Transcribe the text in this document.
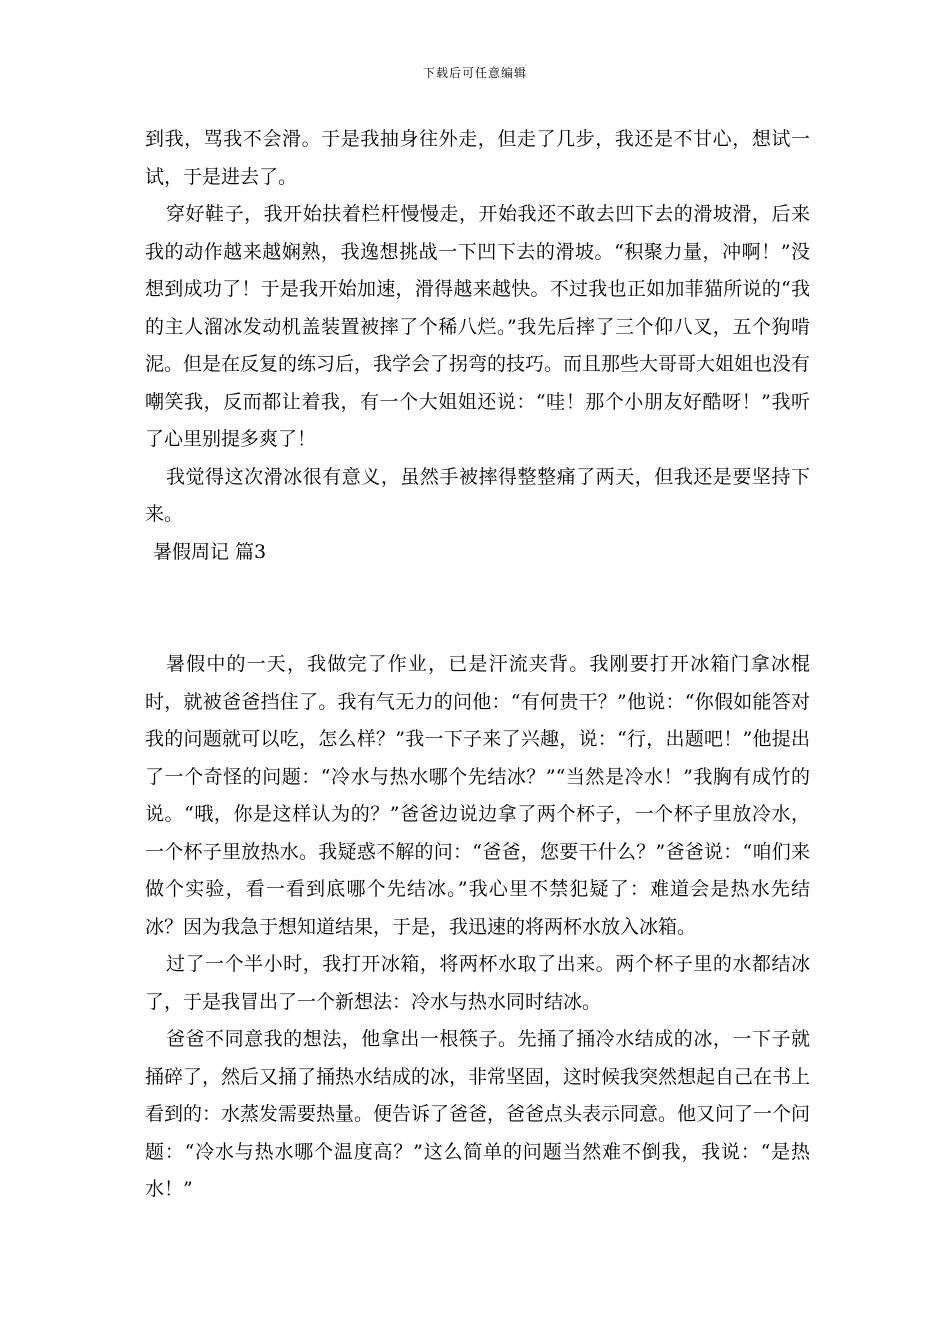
下载后可任意编辑

到我，骂我不会滑。于是我抽身往外走，但走了几步，我还是不甘心，想试一试，于是进去了。

穿好鞋子，我开始扶着栏杆慢慢走，开始我还不敢去凹下去的滑坡滑，后来我的动作越来越娴熟，我逸想挑战一下凹下去的滑坡。“积聚力量，冲啊！”没想到成功了！于是我开始加速，滑得越来越快。不过我也正如加菲猫所说的“我的主人溜冰发动机盖装置被摔了个稀八烂。”我先后摔了三个仰八叉，五个狗啃泥。但是在反复的练习后，我学会了拐弯的技巧。而且那些大哥哥大姐姐也没有嘲笑我，反而都让着我，有一个大姐姐还说：“哇！那个小朋友好酷呀！”我听了心里别提多爽了！

我觉得这次滑冰很有意义，虽然手被摔得整整痛了两天，但我还是要坚持下来。

暑假周记 篇3

暑假中的一天，我做完了作业，已是汗流夹背。我刚要打开冰箱门拿冰棍时，就被爸爸挡住了。我有气无力的问他：“有何贵干？”他说：“你假如能答对我的问题就可以吃，怎么样？”我一下子来了兴趣，说：“行，出题吧！”他提出了一个奇怪的问题：“冷水与热水哪个先结冰？”“当然是冷水！”我胸有成竹的说。“哦，你是这样认为的？”爸爸边说边拿了两个杯子，一个杯子里放冷水，一个杯子里放热水。我疑惑不解的问：“爸爸，您要干什么？”爸爸说：“咱们来做个实验，看一看到底哪个先结冰。”我心里不禁犯疑了：难道会是热水先结冰？因为我急于想知道结果，于是，我迅速的将两杯水放入冰箱。

过了一个半小时，我打开冰箱，将两杯水取了出来。两个杯子里的水都结冰了，于是我冒出了一个新想法：冷水与热水同时结冰。

爸爸不同意我的想法，他拿出一根筷子。先捅了捅冷水结成的冰，一下子就捅碎了，然后又捅了捅热水结成的冰，非常坚固，这时候我突然想起自己在书上看到的：水蒸发需要热量。便告诉了爸爸，爸爸点头表示同意。他又问了一个问题：“冷水与热水哪个温度高？”这么简单的问题当然难不倒我，我说：“是热水！”
